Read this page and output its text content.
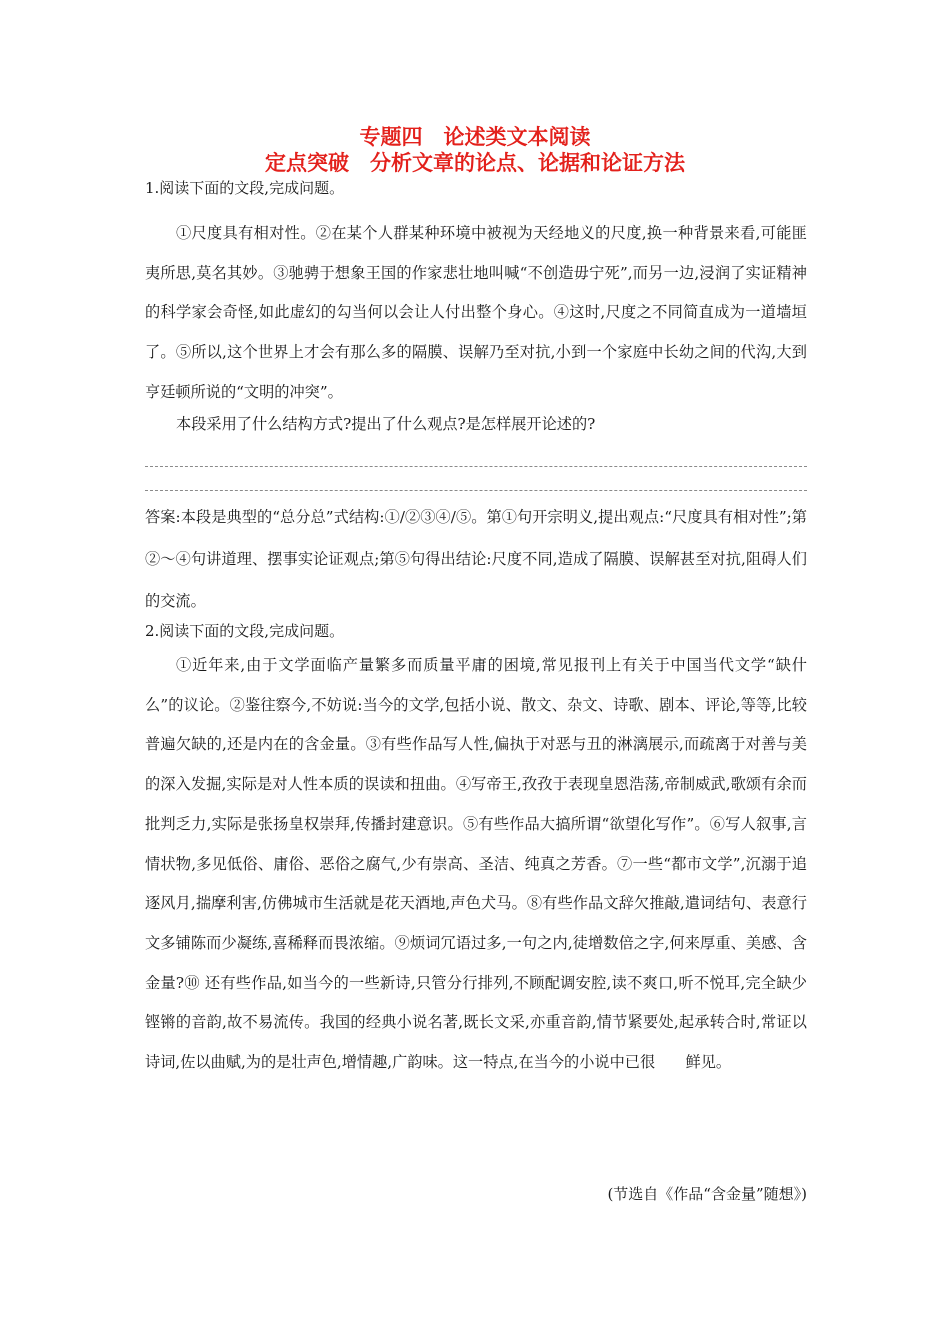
专题四　论述类文本阅读
定点突破　分析文章的论点、论据和论证方法
1.阅读下面的文段,完成问题。
①尺度具有相对性。②在某个人群某种环境中被视为天经地义的尺度,换一种背景来看,可能匪夷所思,莫名其妙。③驰骋于想象王国的作家悲壮地叫喊“不创造毋宁死”,而另一边,浸润了实证精神的科学家会奇怪,如此虚幻的勾当何以会让人付出整个身心。④这时,尺度之不同简直成为一道墙垣了。⑤所以,这个世界上才会有那么多的隔膜、误解乃至对抗,小到一个家庭中长幼之间的代沟,大到亨廷顿所说的“文明的冲突”。
本段采用了什么结构方式?提出了什么观点?是怎样展开论述的?
答案:本段是典型的“总分总”式结构:①/②③④/⑤。第①句开宗明义,提出观点:“尺度具有相对性”;第②～④句讲道理、摆事实论证观点;第⑤句得出结论:尺度不同,造成了隔膜、误解甚至对抗,阻碍人们的交流。
2.阅读下面的文段,完成问题。
①近年来,由于文学面临产量繁多而质量平庸的困境,常见报刊上有关于中国当代文学“缺什么”的议论。②鉴往察今,不妨说:当今的文学,包括小说、散文、杂文、诗歌、剧本、评论,等等,比较普遍欠缺的,还是内在的含金量。③有些作品写人性,偏执于对恶与丑的淋漓展示,而疏离于对善与美的深入发掘,实际是对人性本质的误读和扭曲。④写帝王,孜孜于表现皇恩浩荡,帝制威武,歌颂有余而批判乏力,实际是张扬皇权崇拜,传播封建意识。⑤有些作品大搞所谓“欲望化写作”。⑥写人叙事,言情状物,多见低俗、庸俗、恶俗之腐气,少有崇高、圣洁、纯真之芳香。⑦一些“都市文学”,沉溺于追逐风月,揣摩利害,仿佛城市生活就是花天酒地,声色犬马。⑧有些作品文辞欠推敲,遣词结句、表意行文多铺陈而少凝练,喜稀释而畏浓缩。⑨烦词冗语过多,一句之内,徒增数倍之字,何来厚重、美感、含金量?⑩ 还有些作品,如当今的一些新诗,只管分行排列,不顾配调安腔,读不爽口,听不悦耳,完全缺少铿锵的音韵,故不易流传。我国的经典小说名著,既长文采,亦重音韵,情节紧要处,起承转合时,常证以诗词,佐以曲赋,为的是壮声色,增情趣,广韵味。这一特点,在当今的小说中已很　　鲜见。
(节选自《作品“含金量”随想》)
